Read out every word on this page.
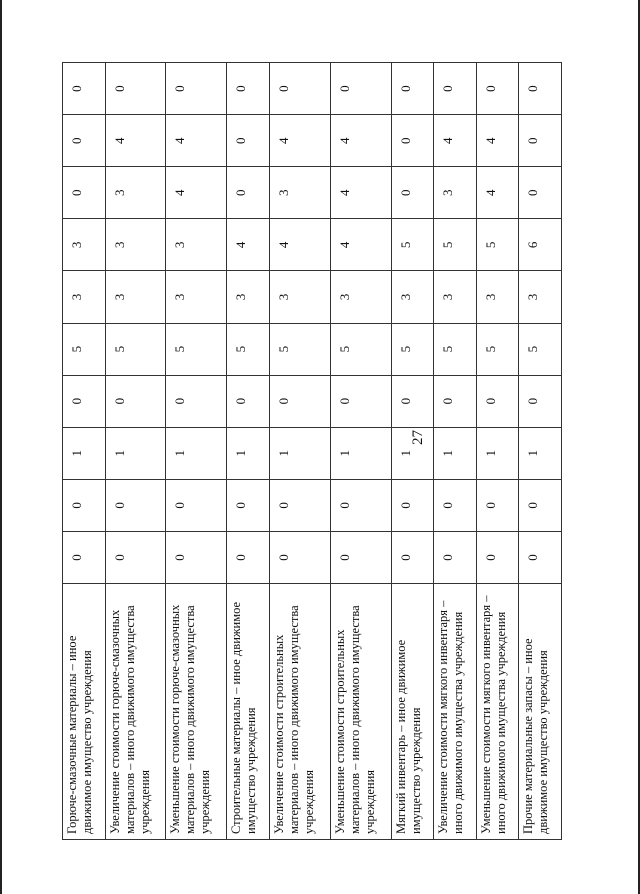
27
Горюче-смазочные материалы – иное движимое имущество учреждения	0	0	1	0	5	3	3	0	0	0
Увеличение стоимости горюче-смазочных материалов – иного движимого имущества учреждения	0	0	1	0	5	3	3	3	4	0
Уменьшение стоимости горюче-смазочных материалов – иного движимого имущества учреждения	0	0	1	0	5	3	3	4	4	0
Строительные материалы – иное движимое имущество учреждения	0	0	1	0	5	3	4	0	0	0
Увеличение стоимости строительных материалов – иного движимого имущества учреждения	0	0	1	0	5	3	4	3	4	0
Уменьшение стоимости строительных материалов – иного движимого имущества учреждения	0	0	1	0	5	3	4	4	4	0
Мягкий инвентарь – иное движимое имущество учреждения	0	0	1	0	5	3	5	0	0	0
Увеличение стоимости мягкого инвентаря – иного движимого имущества учреждения	0	0	1	0	5	3	5	3	4	0
Уменьшение стоимости мягкого инвентаря – иного движимого имущества учреждения	0	0	1	0	5	3	5	4	4	0
Прочие материальные запасы – иное движимое имущество учреждения	0	0	1	0	5	3	6	0	0	0
